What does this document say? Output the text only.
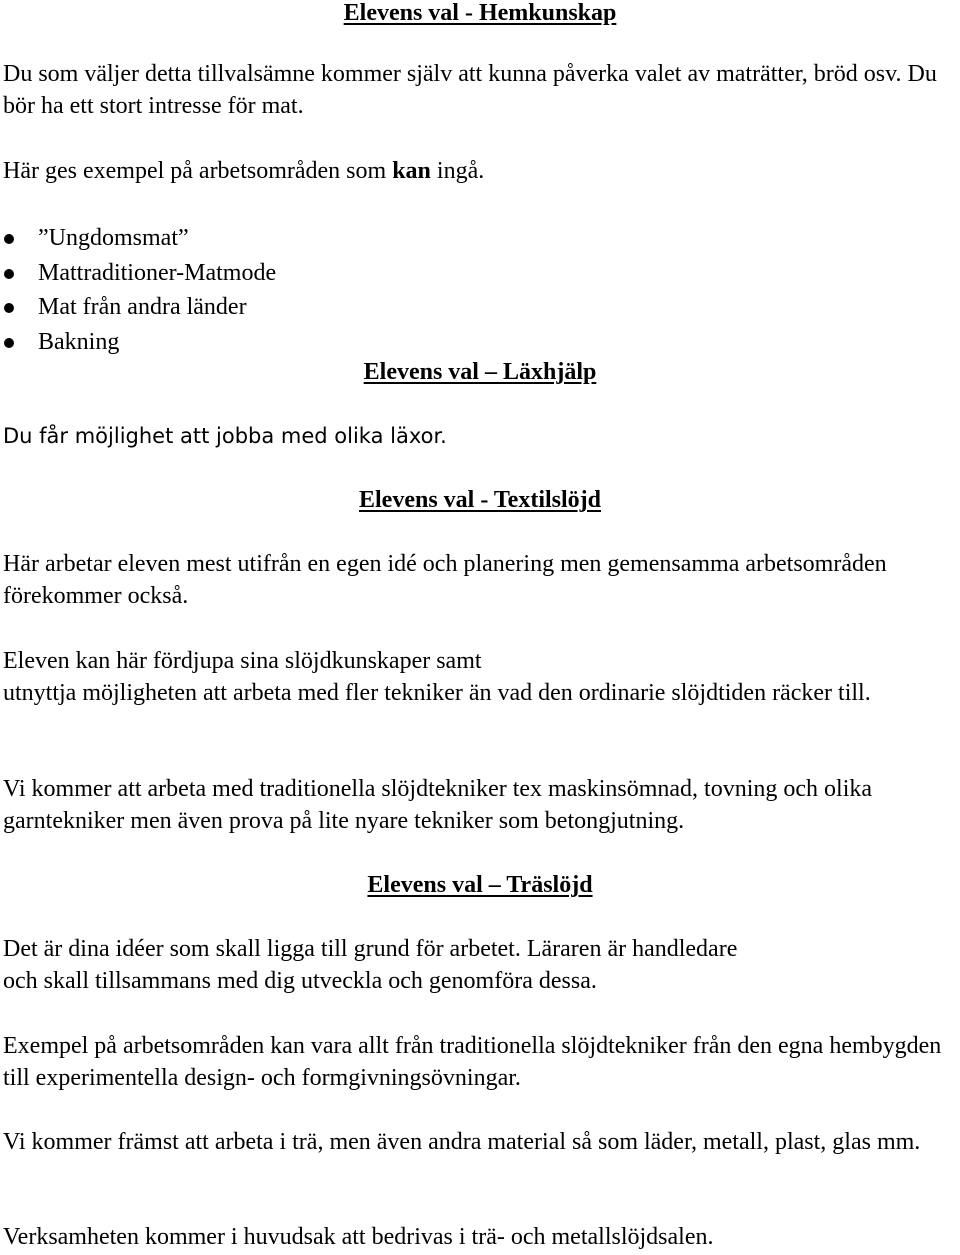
Elevens val - Hemkunskap

Du som väljer detta tillvalsämne kommer själv att kunna påverka valet av maträtter, bröd osv. Du bör ha ett stort intresse för mat.

Här ges exempel på arbetsområden som kan ingå.

”Ungdomsmat”
Mattraditioner-Matmode
Mat från andra länder
Bakning
Elevens val – Läxhjälp

Du får möjlighet att jobba med olika läxor.

Elevens val - Textilslöjd

Här arbetar eleven mest utifrån en egen idé och planering men gemensamma arbetsområden förekommer också.

Eleven kan här fördjupa sina slöjdkunskaper samt
utnyttja möjligheten att arbeta med fler tekniker än vad den ordinarie slöjdtiden räcker till.

Vi kommer att arbeta med traditionella slöjdtekniker tex maskinsömnad, tovning och olika garntekniker men även prova på lite nyare tekniker som betongjutning.

Elevens val – Träslöjd
Det är dina idéer som skall ligga till grund för arbetet. Läraren är handledare
och skall tillsammans med dig utveckla och genomföra dessa.

Exempel på arbetsområden kan vara allt från traditionella slöjdtekniker från den egna hembygden till experimentella design- och formgivningsövningar.

Vi kommer främst att arbeta i trä, men även andra material så som läder, metall, plast, glas mm.

Verksamheten kommer i huvudsak att bedrivas i trä- och metallslöjdsalen.
